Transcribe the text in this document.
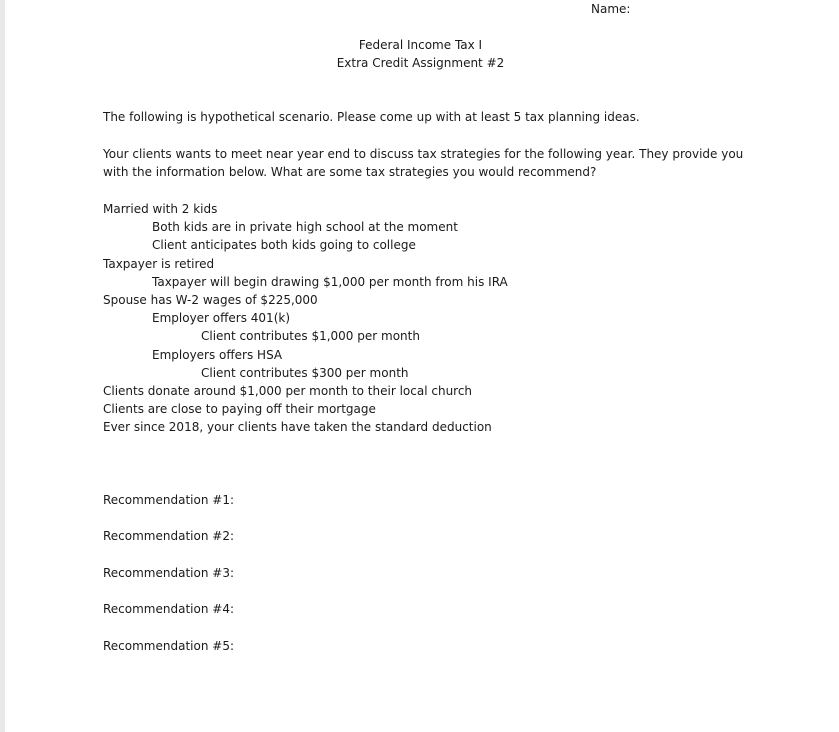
Name:

Federal Income Tax I

Extra Credit Assignment #2

The following is hypothetical scenario. Please come up with at least 5 tax planning ideas.

Your clients wants to meet near year end to discuss tax strategies for the following year. They provide you with the information below. What are some tax strategies you would recommend?

Married with 2 kids
Both kids are in private high school at the moment
Client anticipates both kids going to college
Taxpayer is retired
Taxpayer will begin drawing $1,000 per month from his IRA
Spouse has W-2 wages of $225,000
Employer offers 401(k)
Client contributes $1,000 per month
Employers offers HSA
Client contributes $300 per month
Clients donate around $1,000 per month to their local church
Clients are close to paying off their mortgage
Ever since 2018, your clients have taken the standard deduction
Recommendation #1:
Recommendation #2:
Recommendation #3:
Recommendation #4:
Recommendation #5:
